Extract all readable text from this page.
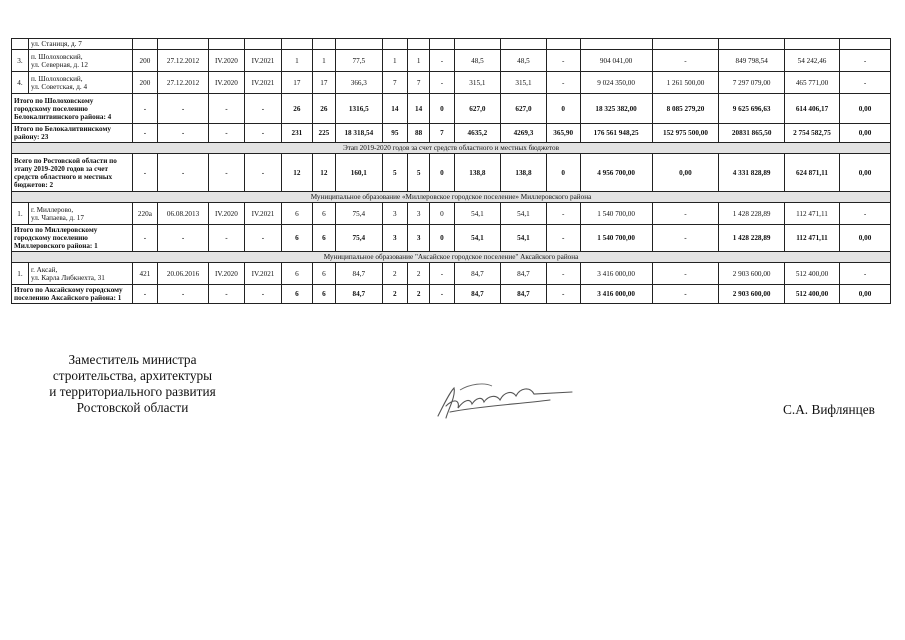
	ул. Станиця, д. 7																		
3.	п. Шолоховский,
ул. Северная, д. 12	200	27.12.2012	IV.2020	IV.2021	1	1	77,5	1	1	-	48,5	48,5	-	904 041,00	-	849 798,54	54 242,46	-
4.	п. Шолоховский,
ул. Советская, д. 4	200	27.12.2012	IV.2020	IV.2021	17	17	366,3	7	7	-	315,1	315,1	-	9 024 350,00	1 261 500,00	7 297 079,00	465 771,00	-
Итого по Шолоховскому городскому поселению Белокалитвинского района: 4		-	-	-	-	26	26	1316,5	14	14	0	627,0	627,0	0	18 325 382,00	8 085 279,20	9 625 696,63	614 406,17	0,00
Итого по Белокалитвинскому району: 23		-	-	-	-	231	225	18 318,54	95	88	7	4635,2	4269,3	365,90	176 561 948,25	152 975 500,00	20831 865,50	2 754 582,75	0,00
Этап 2019-2020 годов за счет средств областного и местных бюджетов																			
Всего по Ростовской области по этапу 2019-2020 годов за счет средств областного и местных бюджетов: 2		-	-	-	-	12	12	160,1	5	5	0	138,8	138,8	0	4 956 700,00	0,00	4 331 828,89	624 871,11	0,00
Муниципальное образование «Миллеровское городское поселение» Миллеровского района																			
1.	г. Миллерово,
ул. Чапаева, д. 17	220а	06.08.2013	IV.2020	IV.2021	6	6	75,4	3	3	0	54,1	54,1	-	1 540 700,00	-	1 428 228,89	112 471,11	-
Итого по Миллеровскому городскому поселению Миллеровского района: 1		-	-	-	-	6	6	75,4	3	3	0	54,1	54,1	-	1 540 700,00	-	1 428 228,89	112 471,11	0,00
Муниципальное образование "Аксайское городское поселение" Аксайского района																			
1.	г. Аксай,
ул. Карла Либкнехта, 31	421	20.06.2016	IV.2020	IV.2021	6	6	84,7	2	2	-	84,7	84,7	-	3 416 000,00	-	2 903 600,00	512 400,00	-
Итого по Аксайскому городскому поселению Аксайского района: 1		-	-	-	-	6	6	84,7	2	2	-	84,7	84,7	-	3 416 000,00	-	2 903 600,00	512 400,00	0,00
Заместитель министра
строительства, архитектуры
и территориального развития
Ростовской области	С.А. Вифлянцев
